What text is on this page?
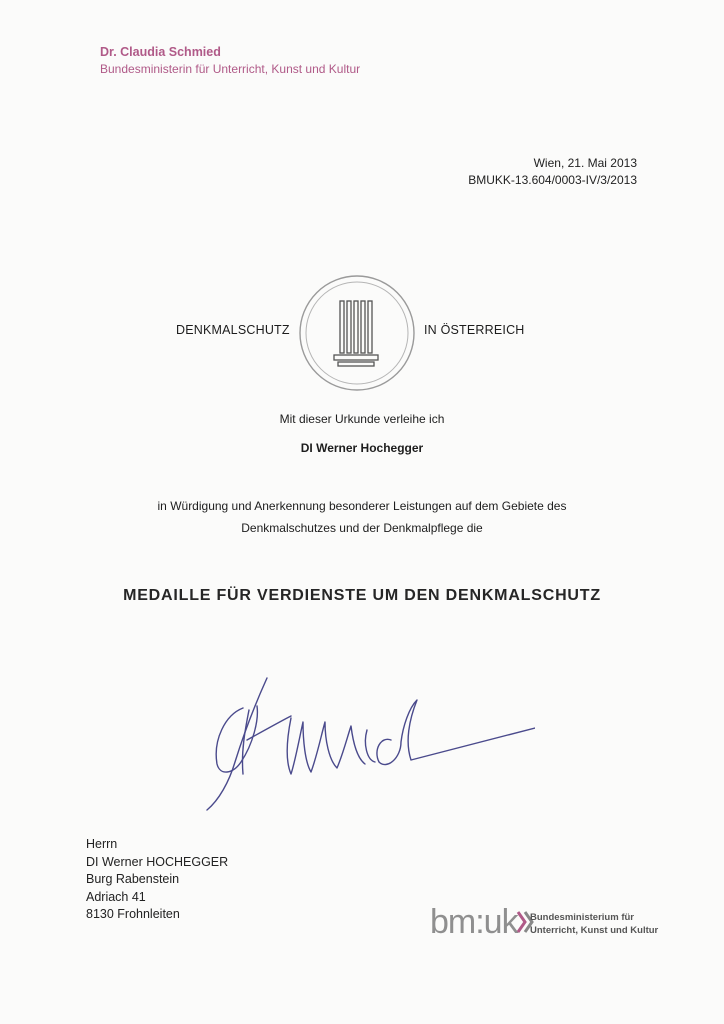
Dr. Claudia Schmied
Bundesministerin für Unterricht, Kunst und Kultur
Wien, 21. Mai 2013
BMUKK-13.604/0003-IV/3/2013
DENKMALSCHUTZ	IN ÖSTERREICH
Mit dieser Urkunde verleihe ich
DI Werner Hochegger
in Würdigung und Anerkennung besonderer Leistungen auf dem Gebiete des
Denkmalschutzes und der Denkmalpflege die
MEDAILLE FÜR VERDIENSTE UM DEN DENKMALSCHUTZ
Herrn
DI Werner HOCHEGGER
Burg Rabenstein
Adriach 41
8130 Frohnleiten	bm:uk Bundesministerium für
Unterricht, Kunst und Kultur
